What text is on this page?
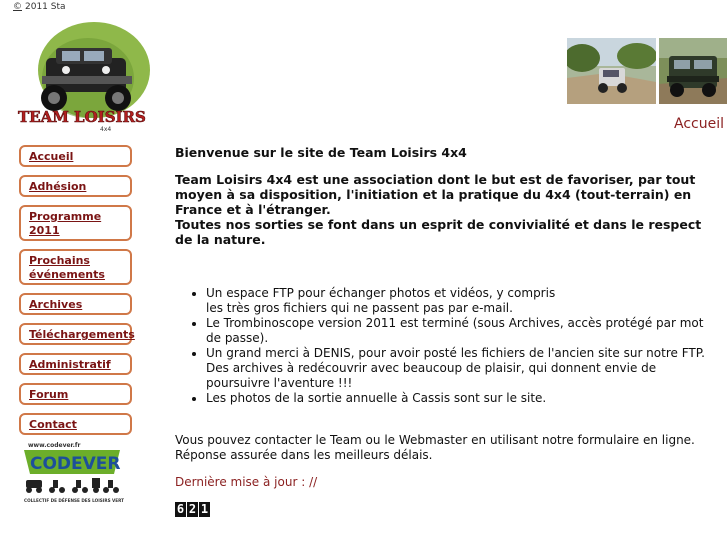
© 2011 Sta
TEAM LOISIRS
4x4	Accueil
Accueil
Adhésion
Programme 2011
Prochains événements
Archives
Téléchargements
Administratif
Forum
Contact
www.codever.fr
CODEVER
COLLECTIF DE DÉFENSE DES LOISIRS VERTS

Bienvenue sur le site de Team Loisirs 4x4

Team Loisirs 4x4 est une association dont le but est de favoriser, par tout moyen à sa disposition, l'initiation et la pratique du 4x4 (tout-terrain) en France et à l'étranger.

Toutes nos sorties se font dans un esprit de convivialité et dans le respect de la nature.

• Un espace FTP pour échanger photos et vidéos, y compris
les très gros fichiers qui ne passent pas par e-mail.
• Le Trombinoscope version 2011 est terminé (sous Archives, accès protégé par mot de passe).
• Un grand merci à DENIS, pour avoir posté les fichiers de l'ancien site sur notre FTP.
Des archives à redécouvrir avec beaucoup de plaisir, qui donnent envie de poursuivre l'aventure !!!
• Les photos de la sortie annuelle à Cassis sont sur le site.

Vous pouvez contacter le Team ou le Webmaster en utilisant notre formulaire en ligne.
Réponse assurée dans les meilleurs délais.

Dernière mise à jour : //

6 2 1
